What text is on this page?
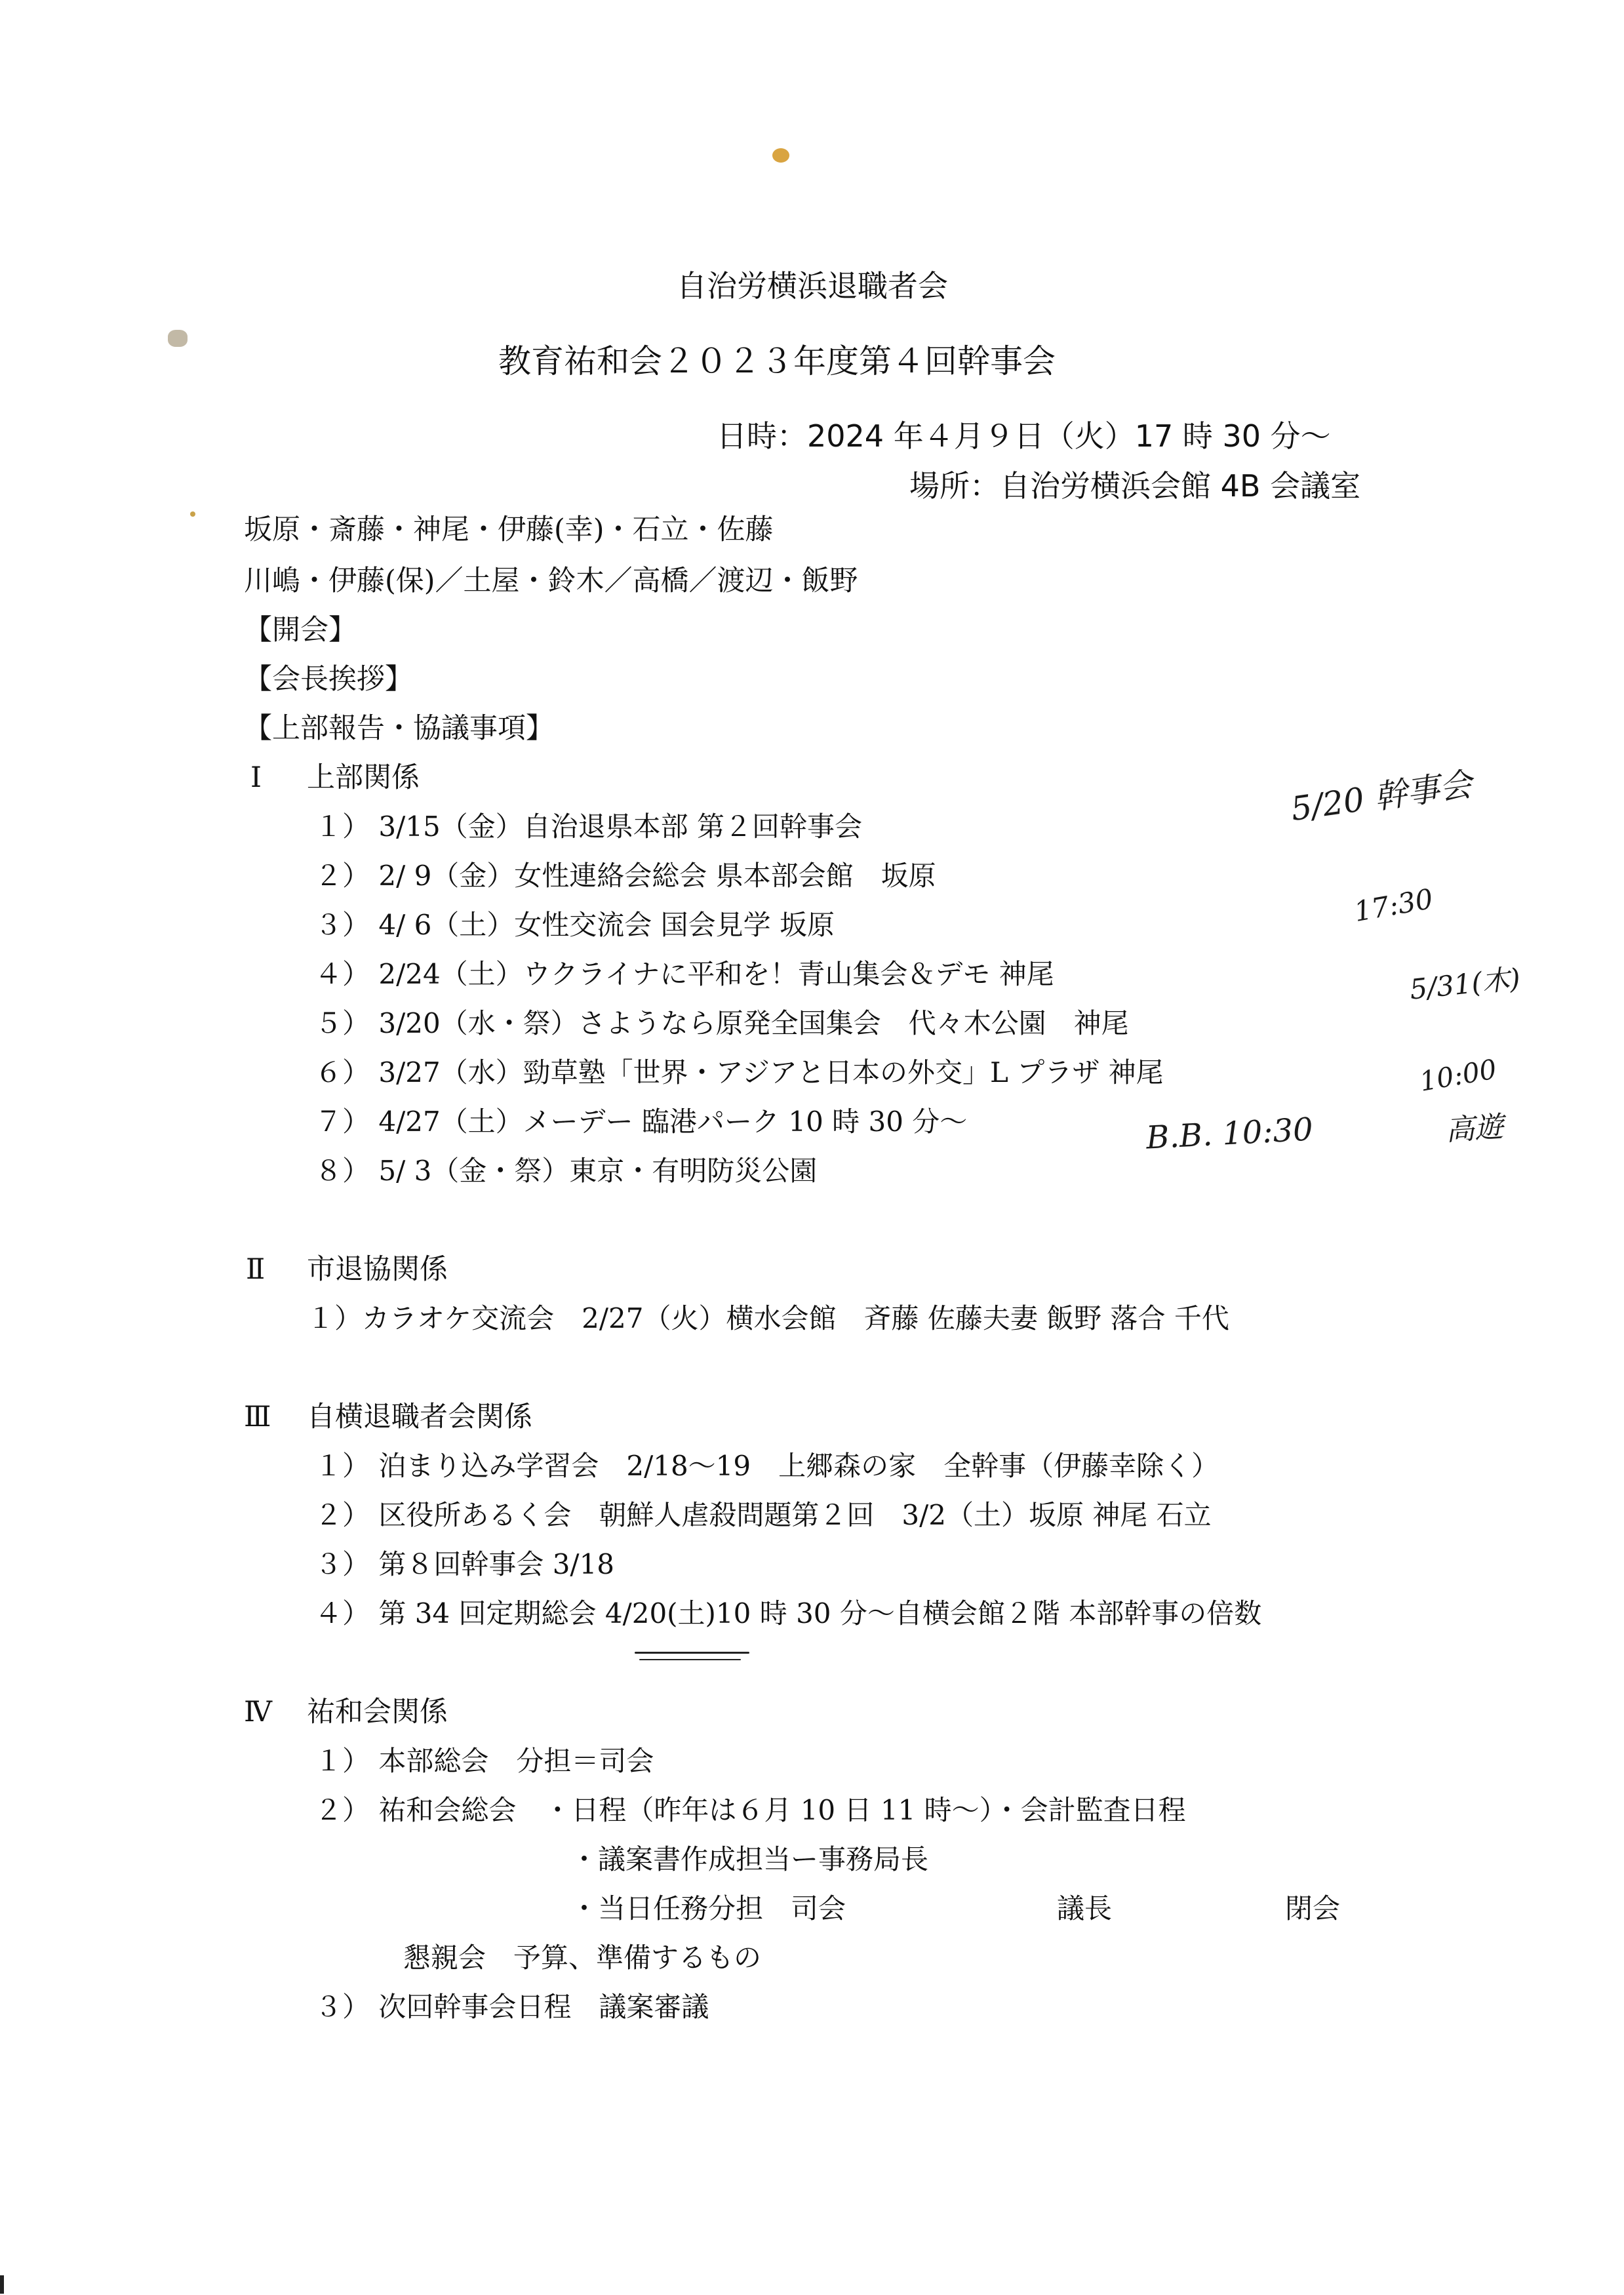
自治労横浜退職者会
教育祐和会２０２３年度第４回幹事会
日時：2024 年４月９日（火）17 時 30 分〜
場所：自治労横浜会館 4B 会議室
坂原・斎藤・神尾・伊藤(幸)・石立・佐藤
川嶋・伊藤(保)／土屋・鈴木／高橋／渡辺・飯野
【開会】
【会長挨拶】
【上部報告・協議事項】
Ⅰ 上部関係
１） 3/15（金）自治退県本部 第２回幹事会
２） 2/ 9（金）女性連絡会総会 県本部会館　坂原
３） 4/ 6（土）女性交流会 国会見学 坂原
４） 2/24（土）ウクライナに平和を！青山集会＆デモ 神尾
５） 3/20（水・祭）さようなら原発全国集会　代々木公園　神尾
６） 3/27（水）勁草塾「世界・アジアと日本の外交」L プラザ 神尾
７） 4/27（土）メーデー 臨港パーク 10 時 30 分〜
８） 5/ 3（金・祭）東京・有明防災公園
Ⅱ 市退協関係
１）カラオケ交流会　2/27（火）横水会館　斉藤 佐藤夫妻 飯野 落合 千代
Ⅲ 自横退職者会関係
１） 泊まり込み学習会　2/18〜19　上郷森の家　全幹事（伊藤幸除く）
２） 区役所あるく会　朝鮮人虐殺問題第２回　3/2（土）坂原 神尾 石立
３） 第８回幹事会 3/18
４） 第 34 回定期総会 4/20(土)10 時 30 分〜自横会館２階 本部幹事の倍数
Ⅳ 祐和会関係
１） 本部総会　分担＝司会
２） 祐和会総会　・日程（昨年は６月 10 日 11 時〜）・会計監査日程
・議案書作成担当ー事務局長
・当日任務分担　司会	議長	閉会
懇親会　予算、準備するもの
３） 次回幹事会日程　議案審議
5/20 幹事会
17:30
5/31(木)
10:00
高遊
B.B. 10:30
